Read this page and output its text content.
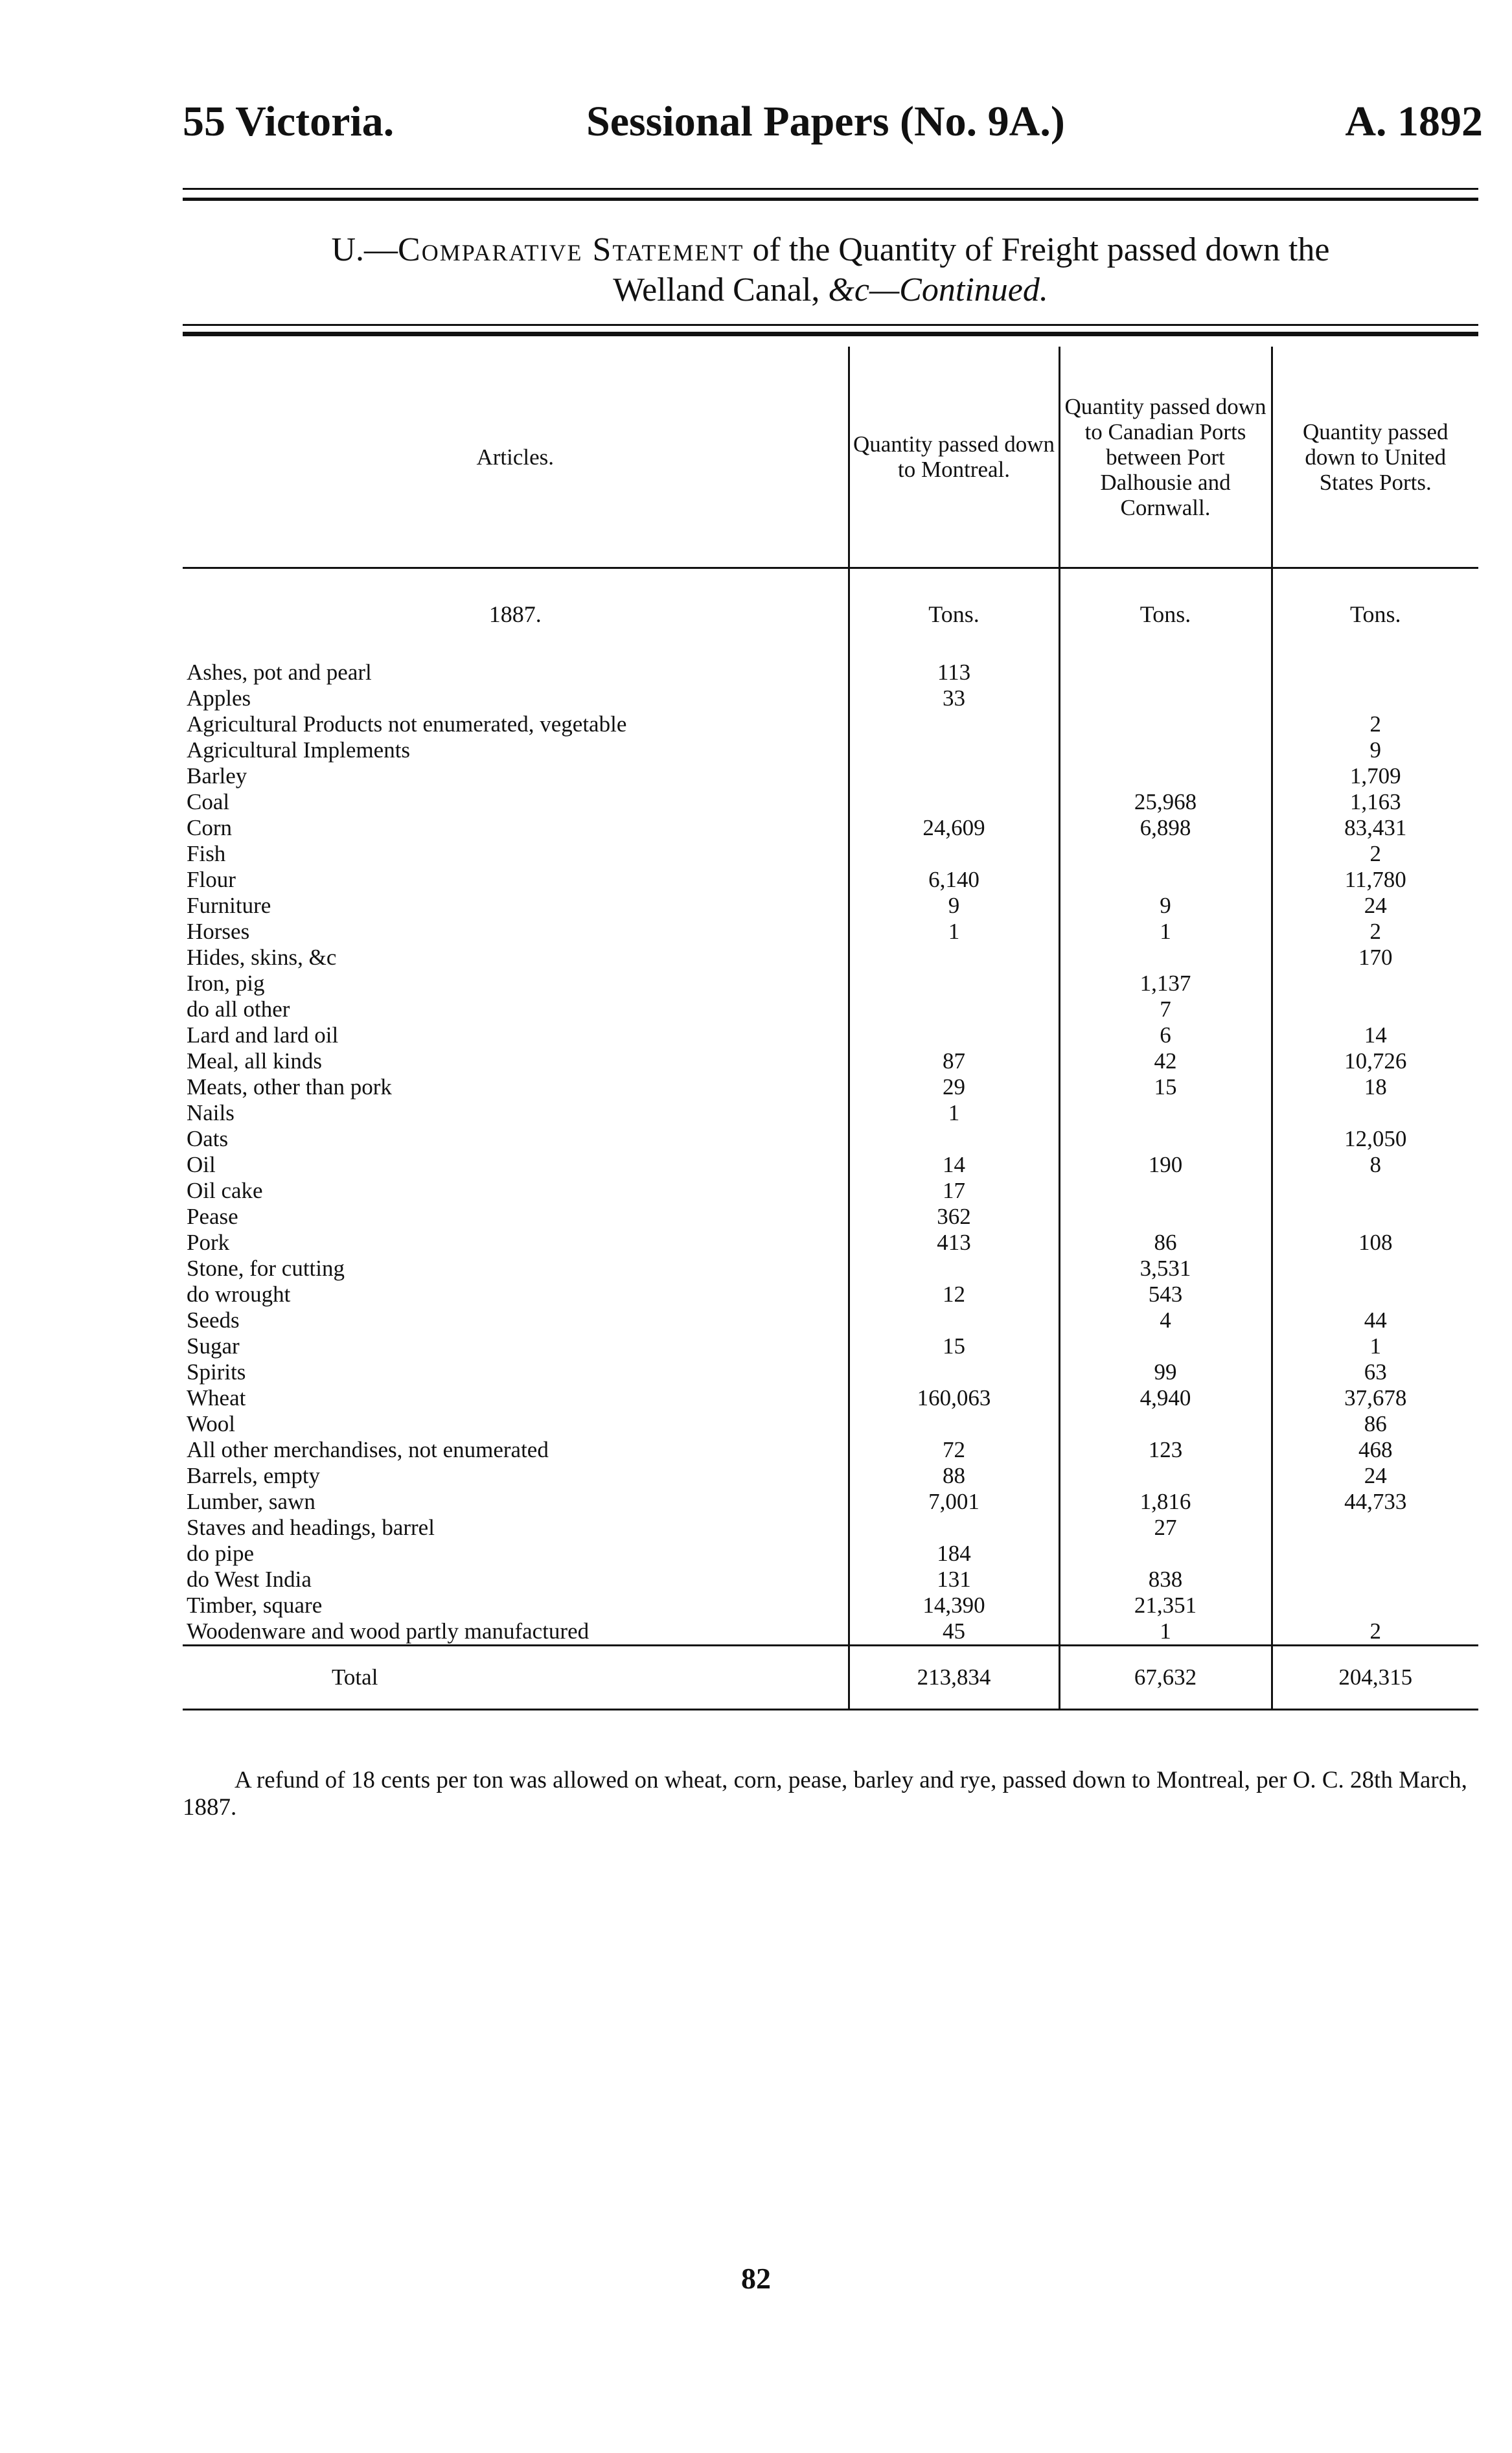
55 Victoria.	Sessional Papers (No. 9A.)	A. 1892
U.—Comparative Statement of the Quantity of Freight passed down the
Welland Canal, &c—Continued.
Articles.	Quantity passed down to Montreal.	Quantity passed down to Canadian Ports between Port Dalhousie and Cornwall.	Quantity passed down to United States Ports.
1887.	Tons.	Tons.	Tons.
Ashes, pot and pearl	113		
Apples	33		
Agricultural Products not enumerated, vegetable			2
Agricultural Implements			9
Barley			1,709
Coal		25,968	1,163
Corn	24,609	6,898	83,431
Fish			2
Flour	6,140		11,780
Furniture	9	9	24
Horses	1	1	2
Hides, skins, &c			170
Iron, pig		1,137	
do all other		7	
Lard and lard oil		6	14
Meal, all kinds	87	42	10,726
Meats, other than pork	29	15	18
Nails	1		
Oats			12,050
Oil	14	190	8
Oil cake	17		
Pease	362		
Pork	413	86	108
Stone, for cutting		3,531	
do wrought	12	543	
Seeds		4	44
Sugar	15		1
Spirits		99	63
Wheat	160,063	4,940	37,678
Wool			86
All other merchandises, not enumerated	72	123	468
Barrels, empty	88		24
Lumber, sawn	7,001	1,816	44,733
Staves and headings, barrel		27	
do pipe	184		
do West India	131	838	
Timber, square	14,390	21,351	
Woodenware and wood partly manufactured	45	1	2
Total	213,834	67,632	204,315

A refund of 18 cents per ton was allowed on wheat, corn, pease, barley and rye, passed down to Montreal, per O. C. 28th March, 1887.

82
